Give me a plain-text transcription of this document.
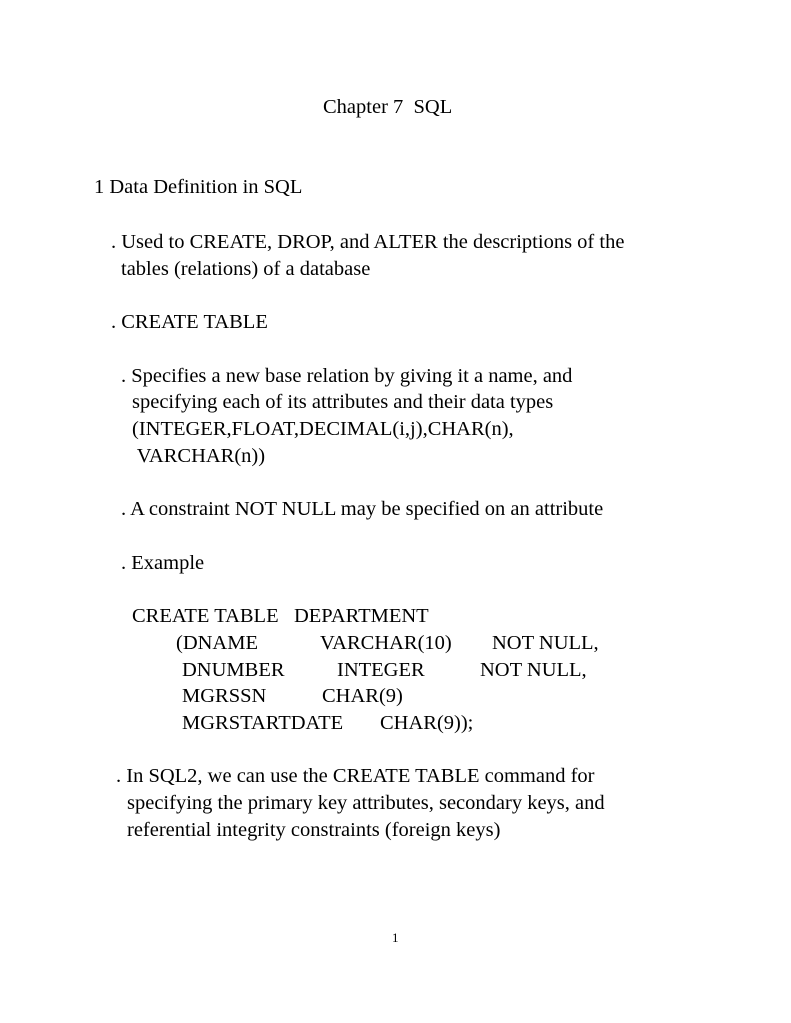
Chapter 7  SQL
1 Data Definition in SQL
. Used to CREATE, DROP, and ALTER the descriptions of the
tables (relations) of a database
. CREATE TABLE
. Specifies a new base relation by giving it a name, and
specifying each of its attributes and their data types
(INTEGER,FLOAT,DECIMAL(i,j),CHAR(n),
VARCHAR(n))
. A constraint NOT NULL may be specified on an attribute
. Example
CREATE TABLE   DEPARTMENT
(DNAME	VARCHAR(10) NOT NULL,
DNUMBER	INTEGER	NOT NULL,
MGRSSN	CHAR(9)
MGRSTARTDATE CHAR(9));
. In SQL2, we can use the CREATE TABLE command for
specifying the primary key attributes, secondary keys, and
referential integrity constraints (foreign keys)
1
